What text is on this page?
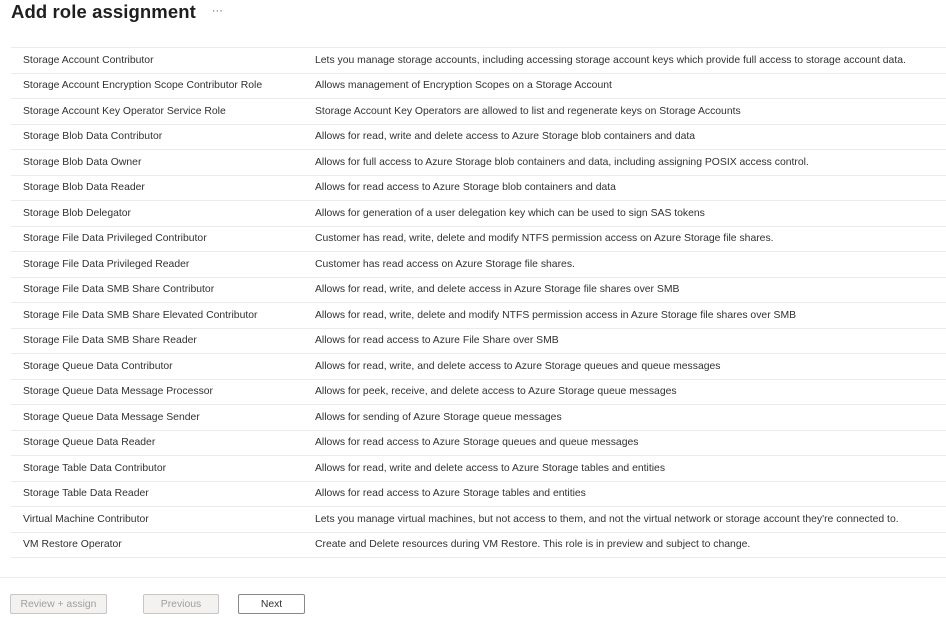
Add role assignment ···
Storage Account Contributor	Lets you manage storage accounts, including accessing storage account keys which provide full access to storage account data.
Storage Account Encryption Scope Contributor Role	Allows management of Encryption Scopes on a Storage Account
Storage Account Key Operator Service Role	Storage Account Key Operators are allowed to list and regenerate keys on Storage Accounts
Storage Blob Data Contributor	Allows for read, write and delete access to Azure Storage blob containers and data
Storage Blob Data Owner	Allows for full access to Azure Storage blob containers and data, including assigning POSIX access control.
Storage Blob Data Reader	Allows for read access to Azure Storage blob containers and data
Storage Blob Delegator	Allows for generation of a user delegation key which can be used to sign SAS tokens
Storage File Data Privileged Contributor	Customer has read, write, delete and modify NTFS permission access on Azure Storage file shares.
Storage File Data Privileged Reader	Customer has read access on Azure Storage file shares.
Storage File Data SMB Share Contributor	Allows for read, write, and delete access in Azure Storage file shares over SMB
Storage File Data SMB Share Elevated Contributor	Allows for read, write, delete and modify NTFS permission access in Azure Storage file shares over SMB
Storage File Data SMB Share Reader	Allows for read access to Azure File Share over SMB
Storage Queue Data Contributor	Allows for read, write, and delete access to Azure Storage queues and queue messages
Storage Queue Data Message Processor	Allows for peek, receive, and delete access to Azure Storage queue messages
Storage Queue Data Message Sender	Allows for sending of Azure Storage queue messages
Storage Queue Data Reader	Allows for read access to Azure Storage queues and queue messages
Storage Table Data Contributor	Allows for read, write and delete access to Azure Storage tables and entities
Storage Table Data Reader	Allows for read access to Azure Storage tables and entities
Virtual Machine Contributor	Lets you manage virtual machines, but not access to them, and not the virtual network or storage account they're connected to.
VM Restore Operator	Create and Delete resources during VM Restore. This role is in preview and subject to change.
Review + assign	Previous	Next
